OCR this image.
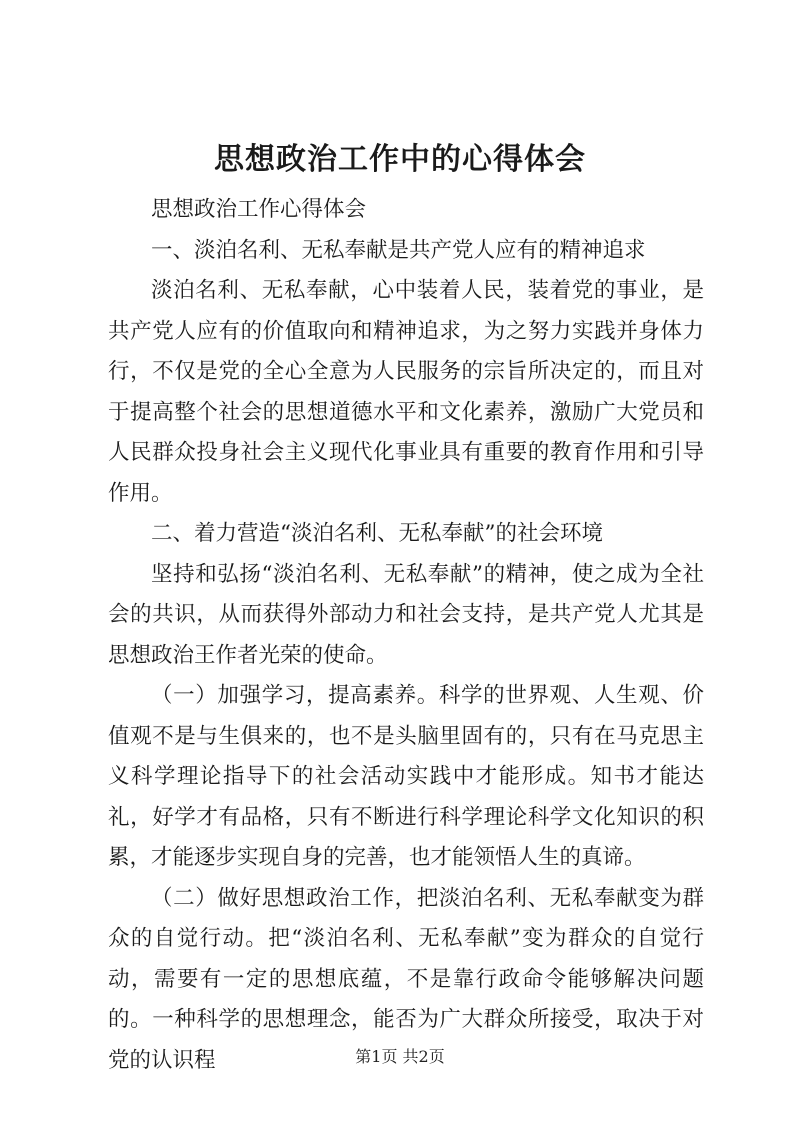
思想政治工作中的心得体会

思想政治工作心得体会

一、淡泊名利、无私奉献是共产党人应有的精神追求

淡泊名利、无私奉献，心中装着人民，装着党的事业，是共产党人应有的价值取向和精神追求，为之努力实践并身体力行，不仅是党的全心全意为人民服务的宗旨所决定的，而且对于提高整个社会的思想道德水平和文化素养，激励广大党员和人民群众投身社会主义现代化事业具有重要的教育作用和引导作用。

二、着力营造“淡泊名利、无私奉献”的社会环境

坚持和弘扬“淡泊名利、无私奉献”的精神，使之成为全社会的共识，从而获得外部动力和社会支持，是共产党人尤其是思想政治王作者光荣的使命。

（一）加强学习，提高素养。科学的世界观、人生观、价值观不是与生俱来的，也不是头脑里固有的，只有在马克思主义科学理论指导下的社会活动实践中才能形成。知书才能达礼，好学才有品格，只有不断进行科学理论科学文化知识的积累，才能逐步实现自身的完善，也才能领悟人生的真谛。

（二）做好思想政治工作，把淡泊名利、无私奉献变为群众的自觉行动。把“淡泊名利、无私奉献”变为群众的自觉行动，需要有一定的思想底蕴，不是靠行政命令能够解决问题的。一种科学的思想理念，能否为广大群众所接受，取决于对党的认识程	第1页 共2页
